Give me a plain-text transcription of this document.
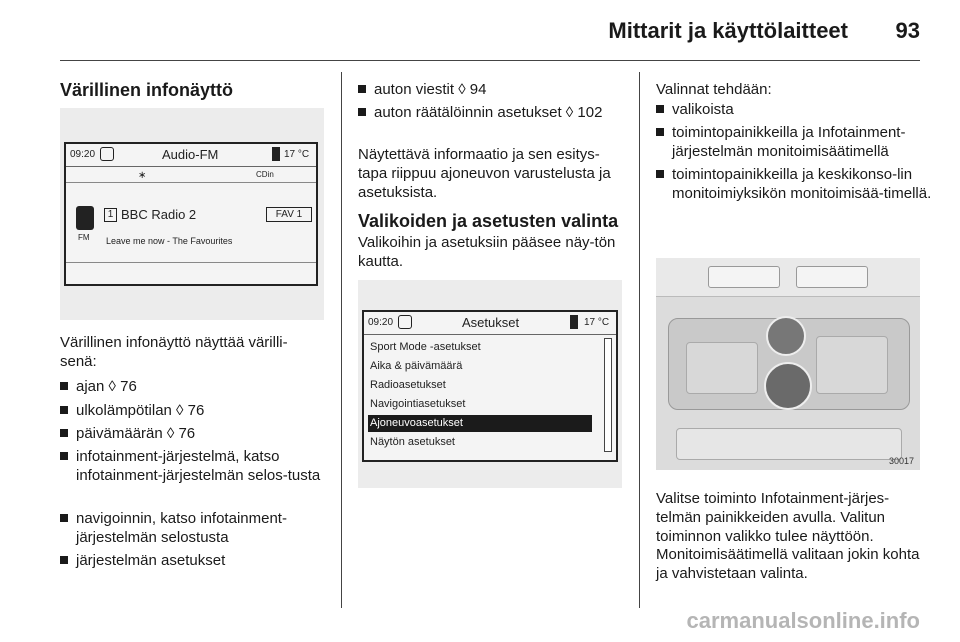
Mittarit ja käyttölaitteet 93
Värillinen infonäyttö
09:20	Audio-FM	17 °C
∗	CDin
FM
1 BBC Radio 2	FAV 1
Leave me now - The Favourites
Värillinen infonäyttö näyttää värilli-senä:
ajan ◊ 76
ulkolämpötilan ◊ 76
päivämäärän ◊ 76
infotainment-järjestelmä, katso infotainment-järjestelmän selos-tusta
navigoinnin, katso infotainment-järjestelmän selostusta
järjestelmän asetukset
auton viestit ◊ 94
auton räätälöinnin asetukset ◊ 102
Näytettävä informaatio ja sen esitys-tapa riippuu ajoneuvon varustelusta ja asetuksista.
Valikoiden ja asetusten valinta
Valikoihin ja asetuksiin pääsee näy-tön kautta.
09:20	Asetukset	17 °C
Sport Mode -asetukset
Aika & päivämäärä
Radioasetukset
Navigointiasetukset
Ajoneuvoasetukset
Näytön asetukset
Valinnat tehdään:
valikoista
toimintopainikkeilla ja Infotainment-järjestelmän monitoimisäätimellä
toimintopainikkeilla ja keskikonso-lin monitoimiyksikön monitoimisää-timellä.
30017
Valitse toiminto Infotainment-järjes-telmän painikkeiden avulla. Valitun toiminnon valikko tulee näyttöön.
Monitoimisäätimellä valitaan jokin kohta ja vahvistetaan valinta.
carmanualsonline.info
